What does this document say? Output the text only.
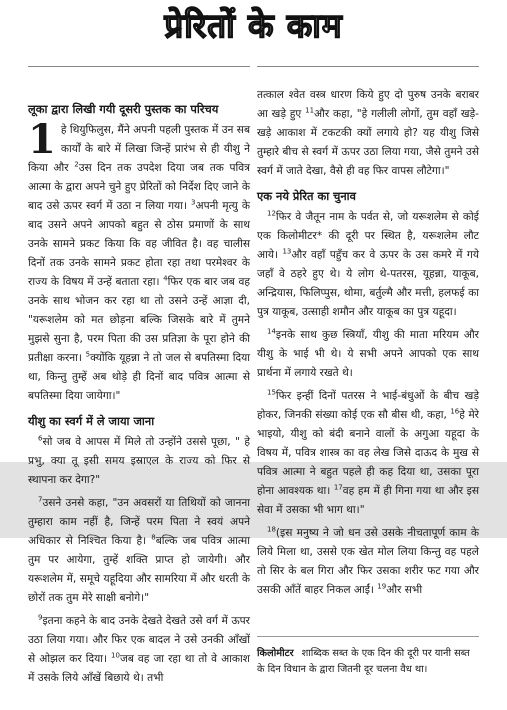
प्रेरितों के काम
लूका द्वारा लिखी गयी दूसरी पुस्तक का परिचय

1 हे थियुफिलुस, मैंने अपनी पहली पुस्तक में उन सब कार्यों के बारे में लिखा जिन्हें प्रारंभ से ही यीशु ने किया और $^2$उस दिन तक उपदेश दिया जब तक पवित्र आत्मा के द्वारा अपने चुने हुए प्रेरितों को निर्देश दिए जाने के बाद उसे ऊपर स्वर्ग में उठा न लिया गया। $^3$अपनी मृत्यु के बाद उसने अपने आपको बहुत से ठोस प्रमाणों के साथ उनके सामने प्रकट किया कि वह जीवित है। वह चालीस दिनों तक उनके सामने प्रकट होता रहा तथा परमेश्वर के राज्य के विषय में उन्हें बताता रहा। $^4$फिर एक बार जब वह उनके साथ भोजन कर रहा था तो उसने उन्हें आज्ञा दी, "यरूशलेम को मत छोड़ना बल्कि जिसके बारे में तुमने मुझसे सुना है, परम पिता की उस प्रतिज्ञा के पूरा होने की प्रतीक्षा करना। $^5$क्योंकि यूहन्ना ने तो जल से बपतिस्मा दिया था, किन्तु तुम्हें अब थोड़े ही दिनों बाद पवित्र आत्मा से बपतिस्मा दिया जायेगा।"

यीशु का स्वर्ग में ले जाया जाना

$^6$सो जब वे आपस में मिले तो उन्होंने उससे पूछा, " हे प्रभु, क्या तू इसी समय इस्राएल के राज्य को फिर से स्थापना कर देगा?"

$^7$उसने उनसे कहा, "उन अवसरों या तिथियों को जानना तुम्हारा काम नहीं है, जिन्हें परम पिता ने स्वयं अपने अधिकार से निश्चित किया है। $^8$बल्कि जब पवित्र आत्मा तुम पर आयेगा, तुम्हें शक्ति प्राप्त हो जायेगी। और यरूशलेम में, समूचे यहूदिया और सामरिया में और धरती के छोरों तक तुम मेरे साक्षी बनोगे।"

$^9$इतना कहने के बाद उनके देखते देखते उसे वर्ग में ऊपर उठा लिया गया। और फिर एक बादल ने उसे उनकी आँखों से ओझल कर दिया। $^{10}$जब वह जा रहा था तो वे आकाश में उसके लिये आँखें बिछाये थे। तभी

तत्काल श्वेत वस्त्र धारण किये हुए दो पुरुष उनके बराबर आ खड़े हुए $^{11}$और कहा, "हे गलीली लोगों, तुम वहाँ खड़े-खड़े आकाश में टकटकी क्यों लगाये हो? यह यीशु जिसे तुम्हारे बीच से स्वर्ग में ऊपर उठा लिया गया, जैसे तुमने उसे स्वर्ग में जाते देखा, वैसे ही वह फिर वापस लौटेगा।"

एक नये प्रेरित का चुनाव

$^{12}$फिर वे जैतून नाम के पर्वत से, जो यरूशलेम से कोई एक किलोमीटर* की दूरी पर स्थित है, यरूशलेम लौट आये। $^{13}$और वहाँ पहुँच कर वे ऊपर के उस कमरे में गये जहाँ वे ठहरे हुए थे। ये लोग थे-पतरस, यूहन्ना, याकूब, अन्द्रियास, फिलिप्पुस, थोमा, बर्तुल्मै और मत्ती, हलफई का पुत्र याकूब, उत्साही शमौन और याकूब का पुत्र यहूदा।

$^{14}$इनके साथ कुछ स्त्रियाँ, यीशु की माता मरियम और यीशु के भाई भी थे। ये सभी अपने आपको एक साथ प्रार्थना में लगाये रखते थे।

$^{15}$फिर इन्हीं दिनों पतरस ने भाई-बंधुओं के बीच खड़े होकर, जिनकी संख्या कोई एक सौ बीस थी, कहा, $^{16}$हे मेरे भाइयो, यीशु को बंदी बनाने वालों के अगुआ यहूदा के विषय में, पवित्र शास्त्र का वह लेख जिसे दाऊद के मुख से पवित्र आत्मा ने बहुत पहले ही कह दिया था, उसका पूरा होना आवश्यक था। $^{17}$वह हम में ही गिना गया था और इस सेवा में उसका भी भाग था।"

$^{18}$(इस मनुष्य ने जो धन उसे उसके नीचतापूर्ण काम के लिये मिला था, उससे एक खेत मोल लिया किन्तु वह पहले तो सिर के बल गिरा और फिर उसका शरीर फट गया और उसकी आँतें बाहर निकल आईं। $^{19}$और सभी

किलोमीटर शाब्दिक सब्त के एक दिन की दूरी पर यानी सब्त के दिन विधान के द्वारा जितनी दूर चलना वैध था।
